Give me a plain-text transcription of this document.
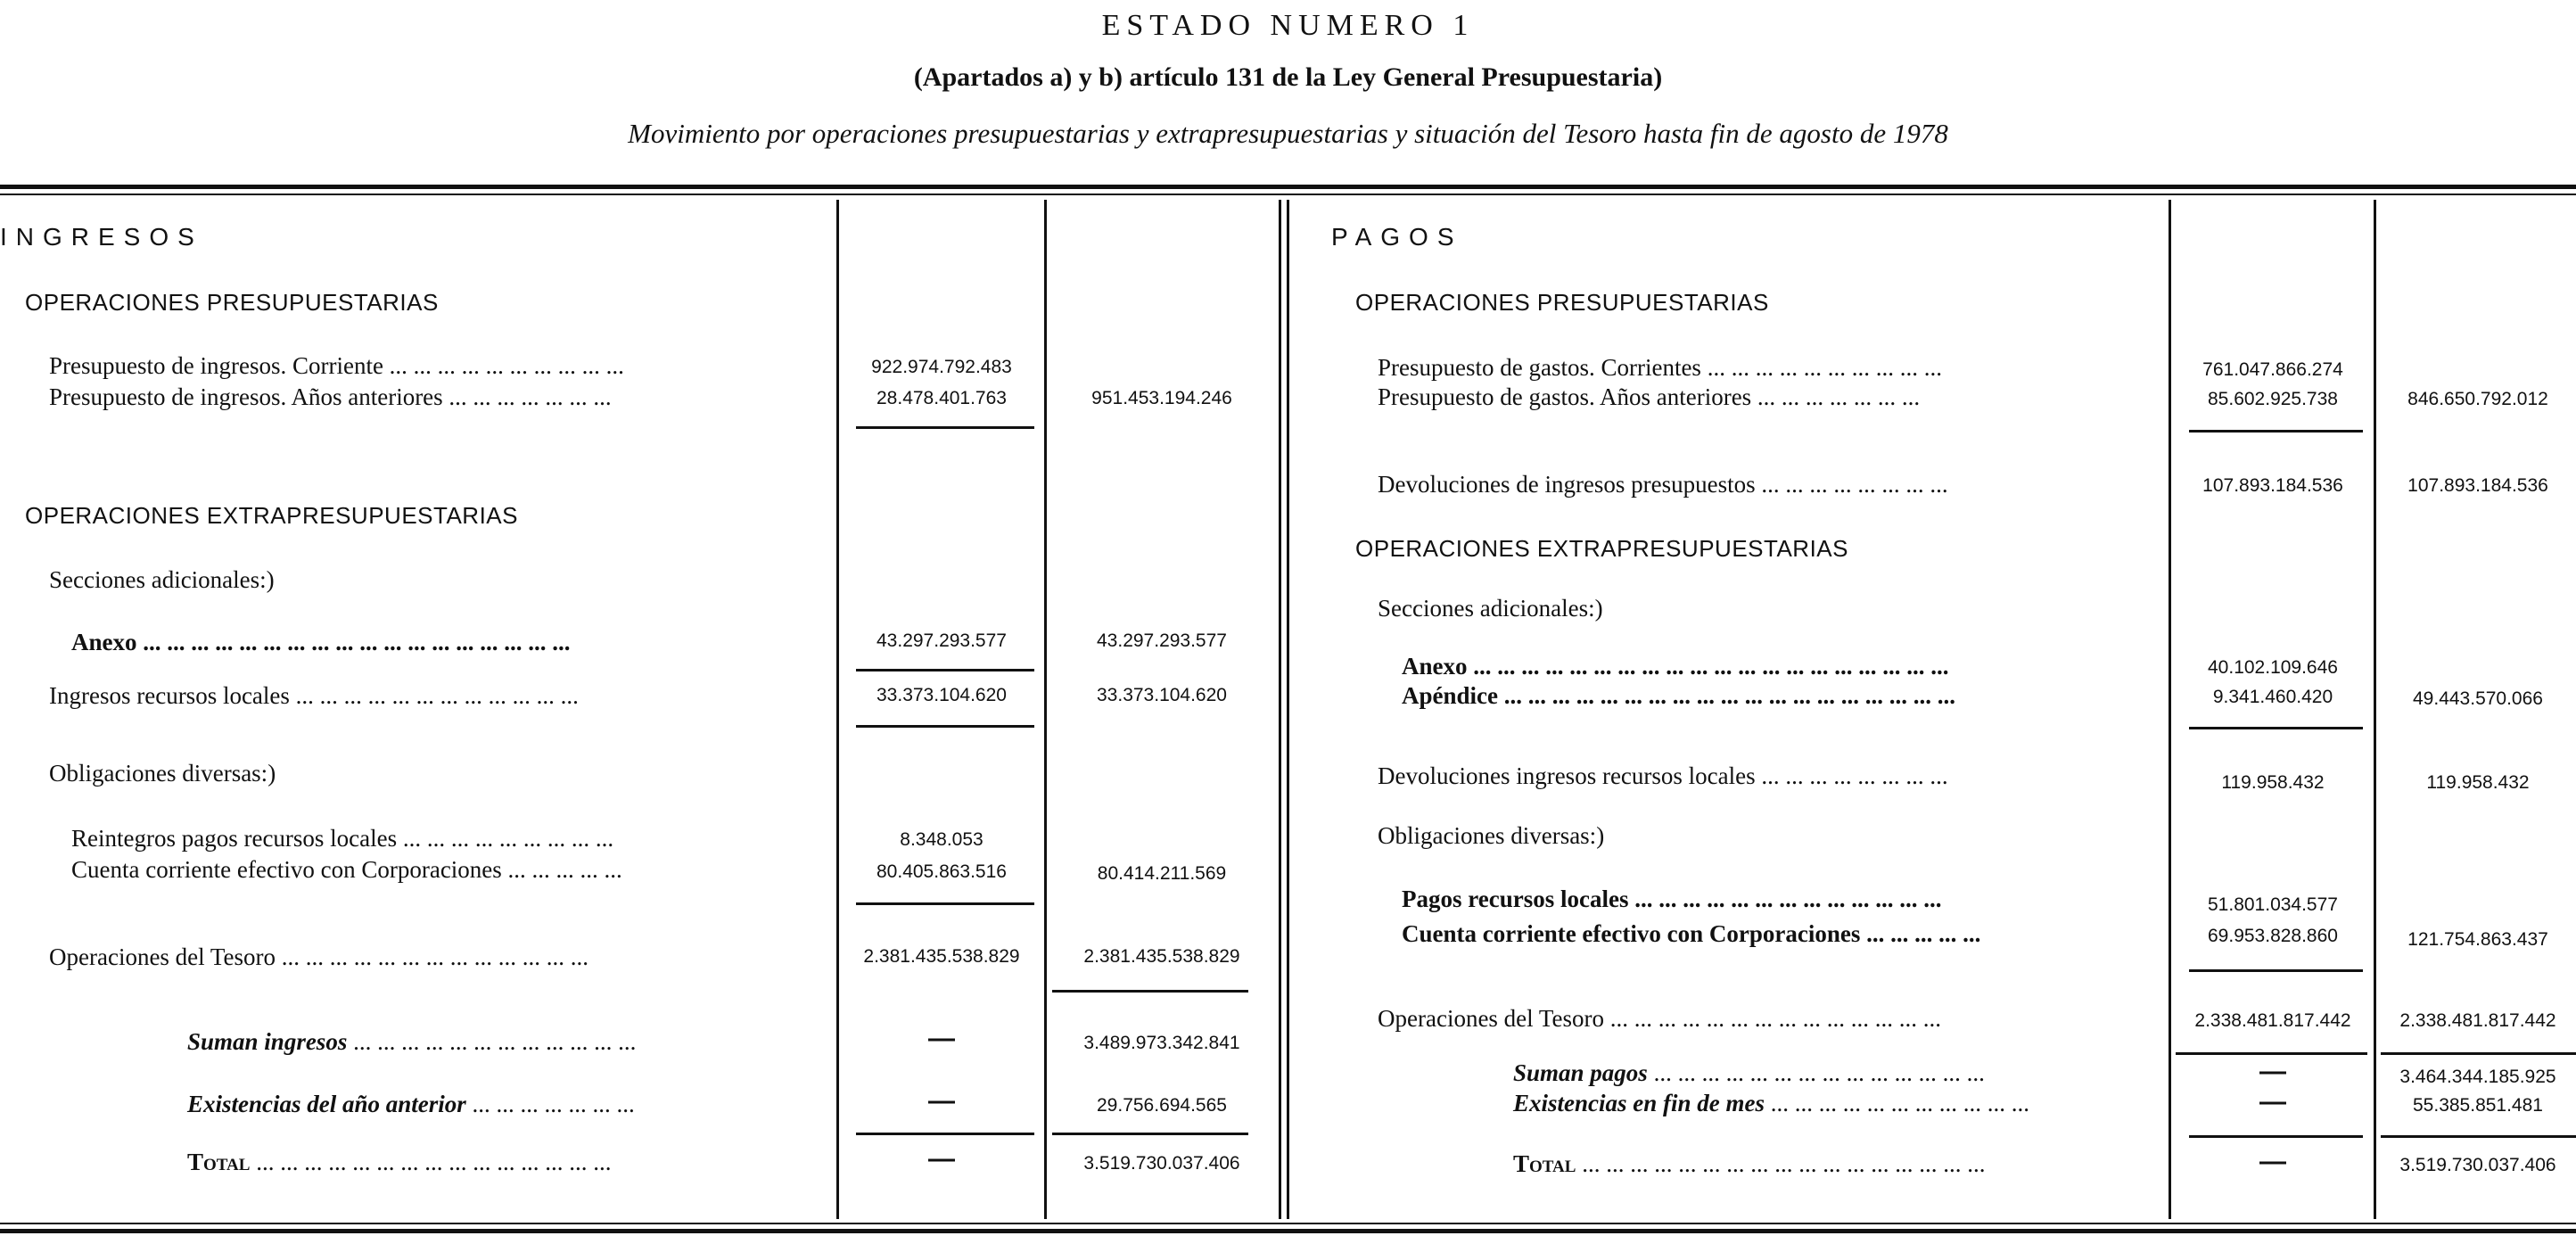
ESTADO NUMERO 1
(Apartados a) y b) artículo 131 de la Ley General Presupuestaria)
Movimiento por operaciones presupuestarias y extrapresupuestarias y situación del Tesoro hasta fin de agosto de 1978
INGRESOS
OPERACIONES PRESUPUESTARIAS
Presupuesto de ingresos. Corriente ... ... ... ... ... ... ... ... ... ...	922.974.792.483
Presupuesto de ingresos. Años anteriores ... ... ... ... ... ... ...	28.478.401.763	951.453.194.246
OPERACIONES EXTRAPRESUPUESTARIAS
Secciones adicionales:)
Anexo ... ... ... ... ... ... ... ... ... ... ... ... ... ... ... ... ... ...	43.297.293.577	43.297.293.577
Ingresos recursos locales ... ... ... ... ... ... ... ... ... ... ... ...	33.373.104.620	33.373.104.620
Obligaciones diversas:)
Reintegros pagos recursos locales ... ... ... ... ... ... ... ... ...	8.348.053
Cuenta corriente efectivo con Corporaciones ... ... ... ... ...	80.405.863.516	80.414.211.569
Operaciones del Tesoro ... ... ... ... ... ... ... ... ... ... ... ... ...	2.381.435.538.829	2.381.435.538.829
Suman ingresos ... ... ... ... ... ... ... ... ... ... ... ...	—	3.489.973.342.841
Existencias del año anterior ... ... ... ... ... ... ...	—	29.756.694.565
Total ... ... ... ... ... ... ... ... ... ... ... ... ... ... ...	—	3.519.730.037.406
PAGOS
OPERACIONES PRESUPUESTARIAS
Presupuesto de gastos. Corrientes ... ... ... ... ... ... ... ... ... ...	761.047.866.274
Presupuesto de gastos. Años anteriores ... ... ... ... ... ... ...	85.602.925.738	846.650.792.012
Devoluciones de ingresos presupuestos ... ... ... ... ... ... ... ...	107.893.184.536	107.893.184.536
OPERACIONES EXTRAPRESUPUESTARIAS
Secciones adicionales:)
Anexo ... ... ... ... ... ... ... ... ... ... ... ... ... ... ... ... ... ... ... ...	40.102.109.646
Apéndice ... ... ... ... ... ... ... ... ... ... ... ... ... ... ... ... ... ... ...	9.341.460.420	49.443.570.066
Devoluciones ingresos recursos locales ... ... ... ... ... ... ... ...	119.958.432	119.958.432
Obligaciones diversas:)
Pagos recursos locales ... ... ... ... ... ... ... ... ... ... ... ... ...	51.801.034.577
Cuenta corriente efectivo con Corporaciones ... ... ... ... ...	69.953.828.860	121.754.863.437
Operaciones del Tesoro ... ... ... ... ... ... ... ... ... ... ... ... ... ...	2.338.481.817.442	2.338.481.817.442
Suman pagos ... ... ... ... ... ... ... ... ... ... ... ... ... ...	—	3.464.344.185.925
Existencias en fin de mes ... ... ... ... ... ... ... ... ... ... ...	—	55.385.851.481
Total ... ... ... ... ... ... ... ... ... ... ... ... ... ... ... ... ...	—	3.519.730.037.406
